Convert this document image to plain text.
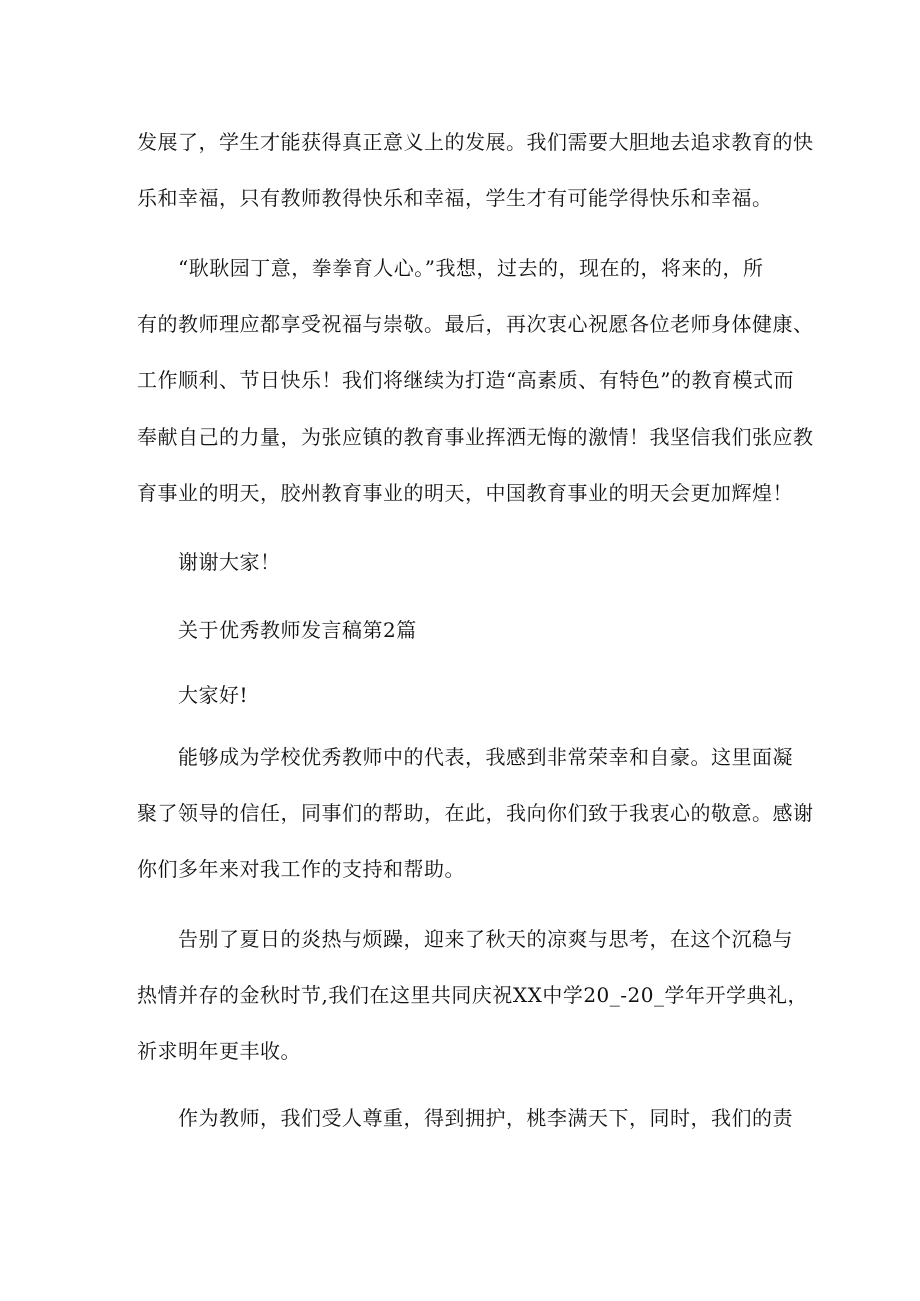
发展了，学生才能获得真正意义上的发展。我们需要大胆地去追求教育的快
乐和幸福，只有教师教得快乐和幸福，学生才有可能学得快乐和幸福。
“耿耿园丁意，拳拳育人心。”我想，过去的，现在的，将来的，所
有的教师理应都享受祝福与崇敬。最后，再次衷心祝愿各位老师身体健康、
工作顺利、节日快乐！我们将继续为打造“高素质、有特色”的教育模式而
奉献自己的力量，为张应镇的教育事业挥洒无悔的激情！我坚信我们张应教
育事业的明天，胶州教育事业的明天，中国教育事业的明天会更加辉煌！
谢谢大家！
关于优秀教师发言稿第2篇
大家好!
能够成为学校优秀教师中的代表，我感到非常荣幸和自豪。这里面凝
聚了领导的信任，同事们的帮助，在此，我向你们致于我衷心的敬意。感谢
你们多年来对我工作的支持和帮助。
告别了夏日的炎热与烦躁，迎来了秋天的凉爽与思考，在这个沉稳与
热情并存的金秋时节,我们在这里共同庆祝XX中学20_-20_学年开学典礼，
祈求明年更丰收。
作为教师，我们受人尊重，得到拥护，桃李满天下，同时，我们的责
